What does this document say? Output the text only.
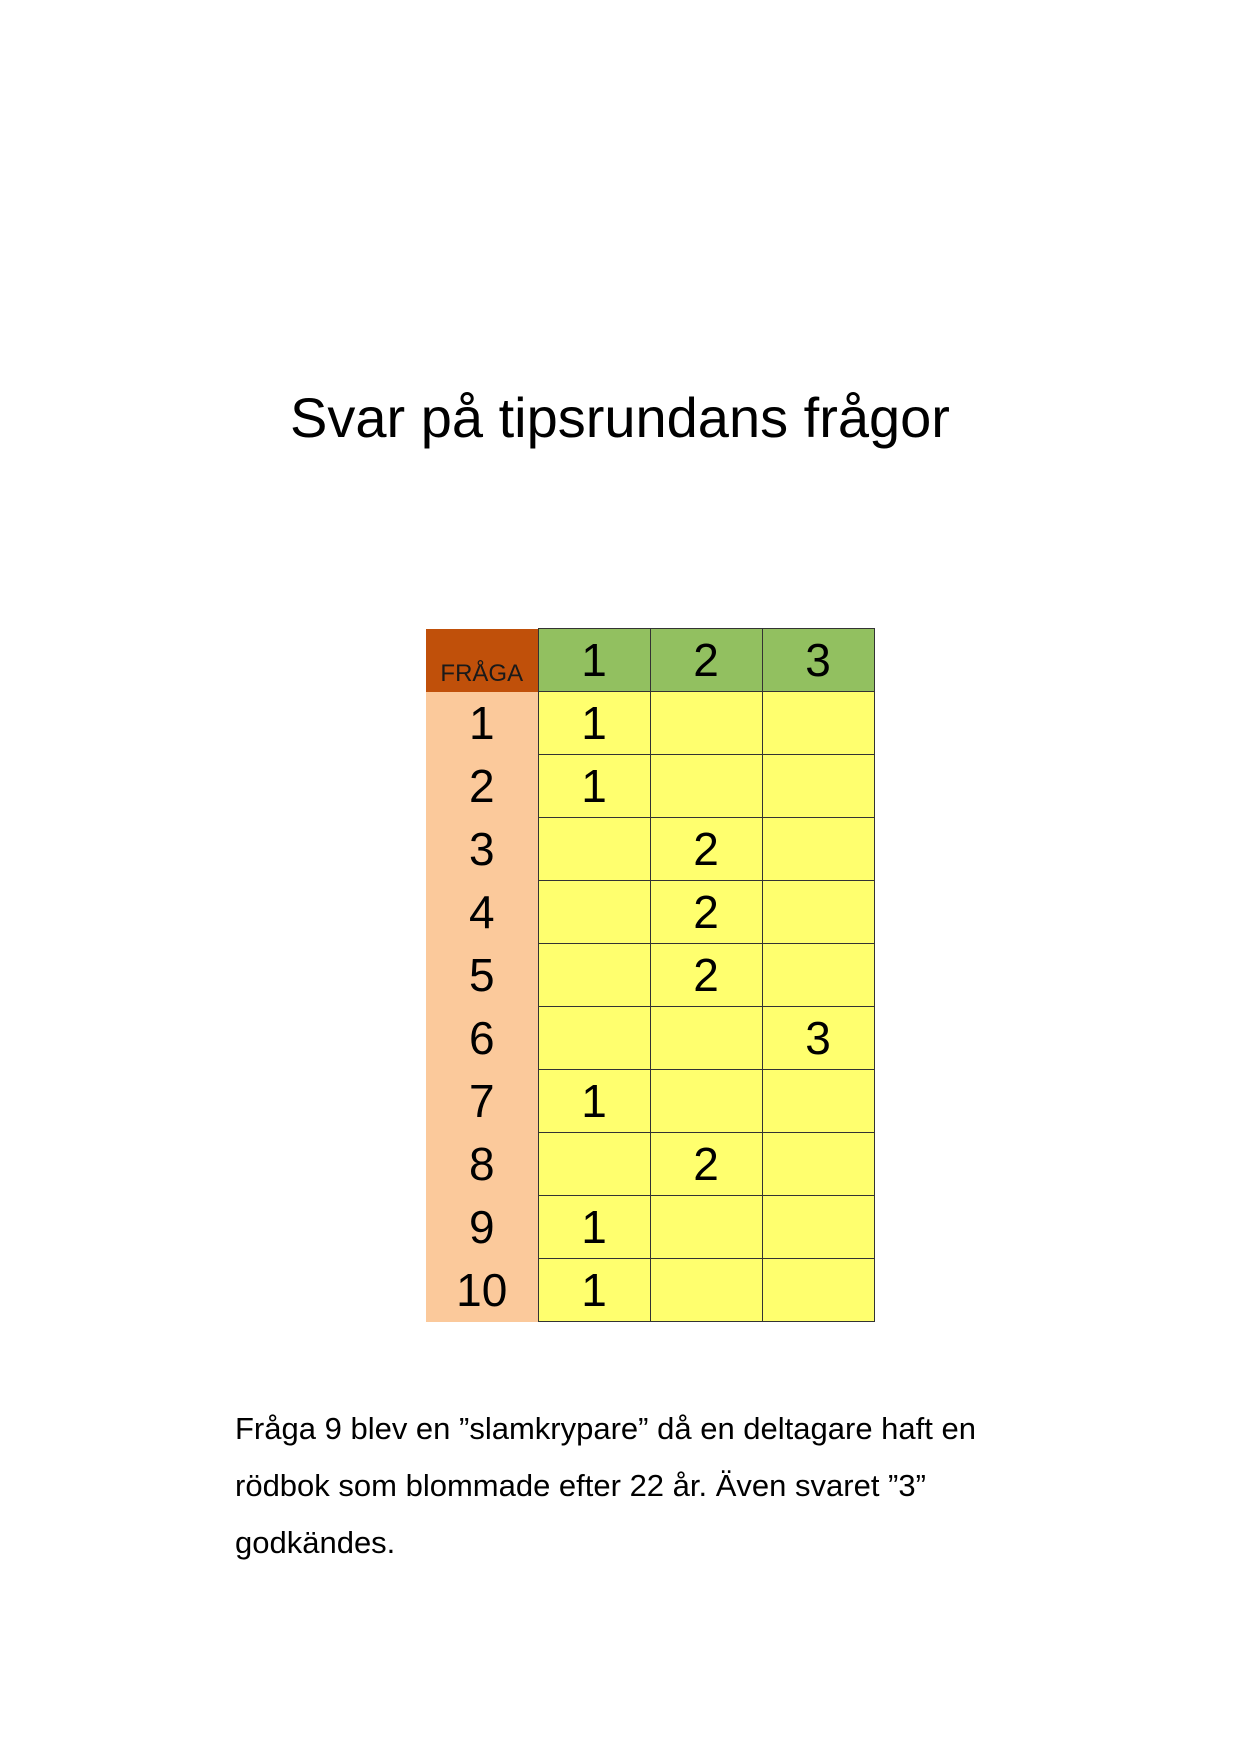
Svar på tipsrundans frågor
FRÅGA	1	2	3
1	1		
2	1		
3		2	
4		2	
5		2	
6			3
7	1		
8		2	
9	1		
10	1		

Fråga 9 blev en ”slamkrypare” då en deltagare haft en rödbok som blommade efter 22 år. Även svaret ”3” godkändes.
